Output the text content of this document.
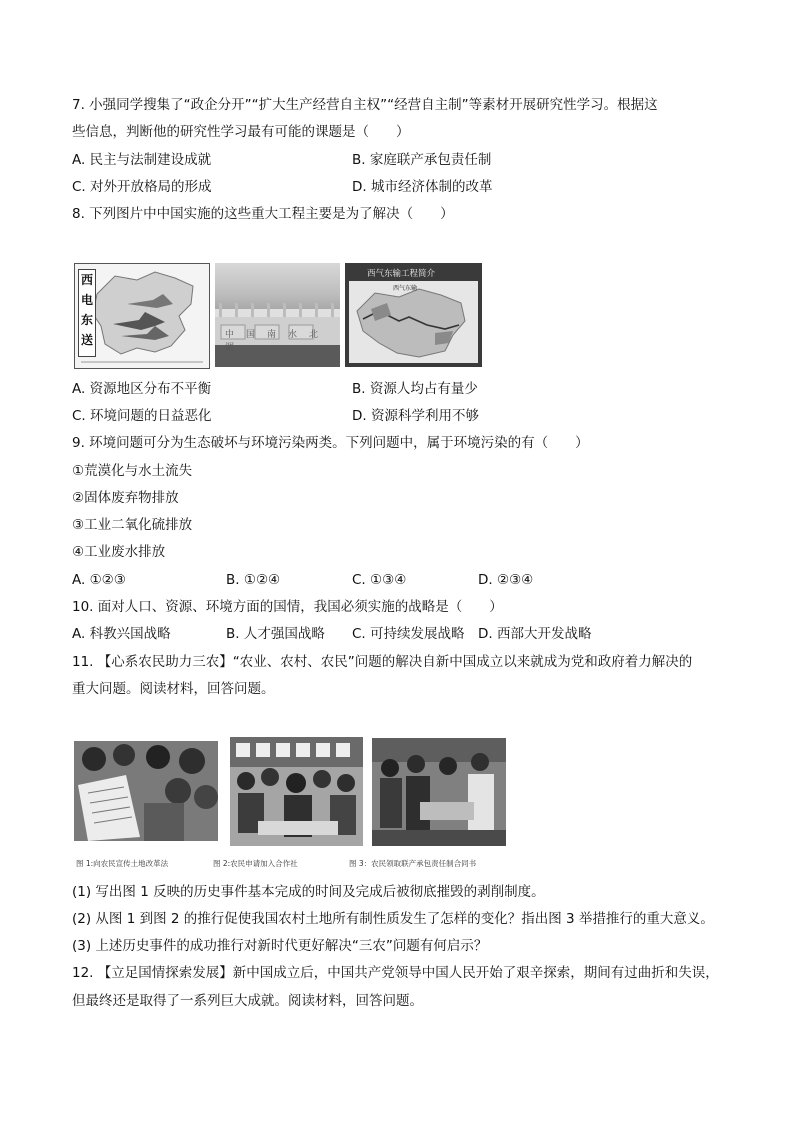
7. 小强同学搜集了“政企分开”“扩大生产经营自主权”“经营自主制”等素材开展研究性学习。根据这
些信息，判断他的研究性学习最有可能的课题是（　　）
A. 民主与法制建设成就	B. 家庭联产承包责任制
C. 对外开放格局的形成	D. 城市经济体制的改革
8. 下列图片中中国实施的这些重大工程主要是为了解决（　　）
西电东送	中国南水北调
西气东输工程简介
西气东输
A. 资源地区分布不平衡	B. 资源人均占有量少
C. 环境问题的日益恶化	D. 资源科学利用不够
9. 环境问题可分为生态破坏与环境污染两类。下列问题中，属于环境污染的有（　　）
①荒漠化与水土流失
②固体废弃物排放
③工业二氧化硫排放
④工业废水排放
A. ①②③	B. ①②④	C. ①③④	D. ②③④
10. 面对人口、资源、环境方面的国情，我国必须实施的战略是（　　）
A. 科教兴国战略	B. 人才强国战略 C. 可持续发展战略 D. 西部大开发战略
11. 【心系农民助力三农】“农业、农村、农民”问题的解决自新中国成立以来就成为党和政府着力解决的
重大问题。阅读材料，回答问题。
图 1:向农民宣传土地改革法	图 2:农民申请加入合作社	图 3：农民领取联产承包责任制合同书
(1) 写出图 1 反映的历史事件基本完成的时间及完成后被彻底摧毁的剥削制度。
(2) 从图 1 到图 2 的推行促使我国农村土地所有制性质发生了怎样的变化？指出图 3 举措推行的重大意义。
(3) 上述历史事件的成功推行对新时代更好解决“三农”问题有何启示？
12. 【立足国情探索发展】新中国成立后，中国共产党领导中国人民开始了艰辛探索，期间有过曲折和失误，
但最终还是取得了一系列巨大成就。阅读材料，回答问题。
